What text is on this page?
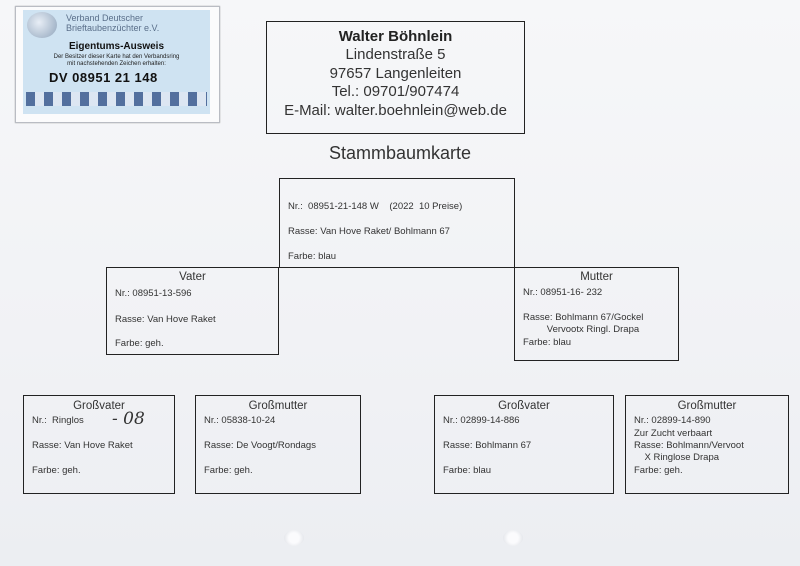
Verband Deutscher
Brieftaubenzüchter e.V.
Eigentums-Ausweis
Der Besitzer dieser Karte hat den Verbandsring
mit nachstehenden Zeichen erhalten:
DV 08951 21 148
Walter Böhnlein
Lindenstraße 5
97657 Langenleiten
Tel.: 09701/907474
E-Mail: walter.boehnlein@web.de
Stammbaumkarte
Nr.:  08951-21-148 W    (2022  10 Preise)
Rasse: Van Hove Raket/ Bohlmann 67
Farbe: blau
Vater
Nr.: 08951-13-596
Rasse: Van Hove Raket
Farbe: geh.
Mutter
Nr.: 08951-16- 232
Rasse: Bohlmann 67/Gockel
Vervootx Ringl. Drapa
Farbe: blau
Großvater
Nr.:  Ringlos - 08
Rasse: Van Hove Raket
Farbe: geh.
Großmutter
Nr.: 05838-10-24
Rasse: De Voogt/Rondags
Farbe: geh.
Großvater
Nr.: 02899-14-886
Rasse: Bohlmann 67
Farbe: blau
Großmutter
Nr.: 02899-14-890
Zur Zucht verbaart
Rasse: Bohlmann/Vervoot
X Ringlose Drapa
Farbe: geh.
